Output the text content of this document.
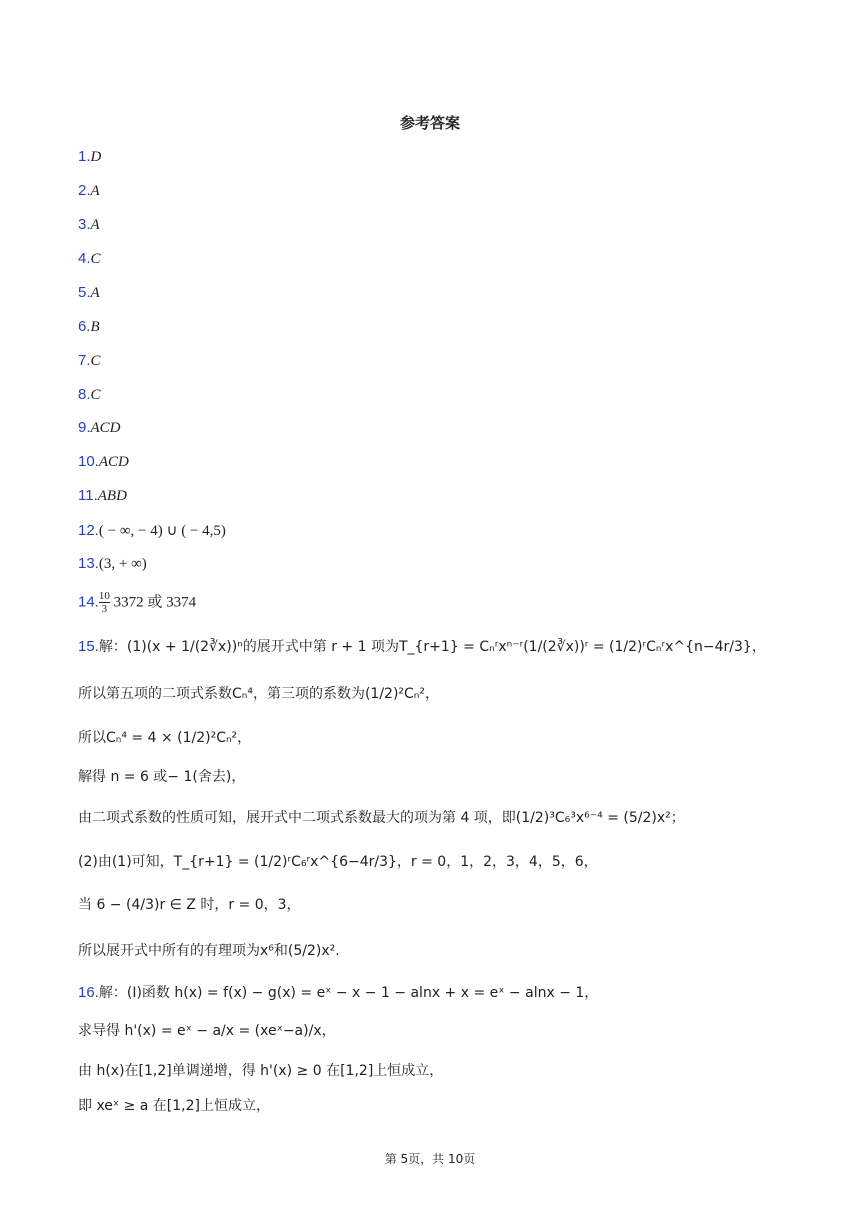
参考答案
1.D
2.A
3.A
4.C
5.A
6.B
7.C
8.C
9.ACD
10.ACD
11.ABD
12.( − ∞, − 4) ∪ ( − 4,5)
13.(3, + ∞)
14. $\frac{10}{3} 3372$ 或 3374
15.解：(1)(x + 1/(2∛x))ⁿ的展开式中第 r + 1 项为T_{r+1} = Cₙʳxⁿ⁻ʳ(1/(2∛x))ʳ = (1/2)ʳCₙʳx^{n−4r/3}，
所以第五项的二项式系数Cₙ⁴，第三项的系数为(1/2)²Cₙ²，
所以Cₙ⁴ = 4 × (1/2)²Cₙ²，
解得 n = 6 或− 1(舍去)，
由二项式系数的性质可知，展开式中二项式系数最大的项为第 4 项，即(1/2)³C₆³x⁶⁻⁴ = (5/2)x²；
(2)由(1)可知，T_{r+1} = (1/2)ʳC₆ʳx^{6−4r/3}，r = 0，1，2，3，4，5，6，
当 6 − (4/3)r ∈ Z 时，r = 0，3，
所以展开式中所有的有理项为x⁶和(5/2)x².
16.解：(Ⅰ)函数 h(x) = f(x) − g(x) = eˣ − x − 1 − alnx + x = eˣ − alnx − 1，
求导得 h'(x) = eˣ − a/x = (xeˣ−a)/x，
由 h(x)在[1,2]单调递增，得 h'(x) ≥ 0 在[1,2]上恒成立，
即 xeˣ ≥ a 在[1,2]上恒成立，
第 5页，共 10页
